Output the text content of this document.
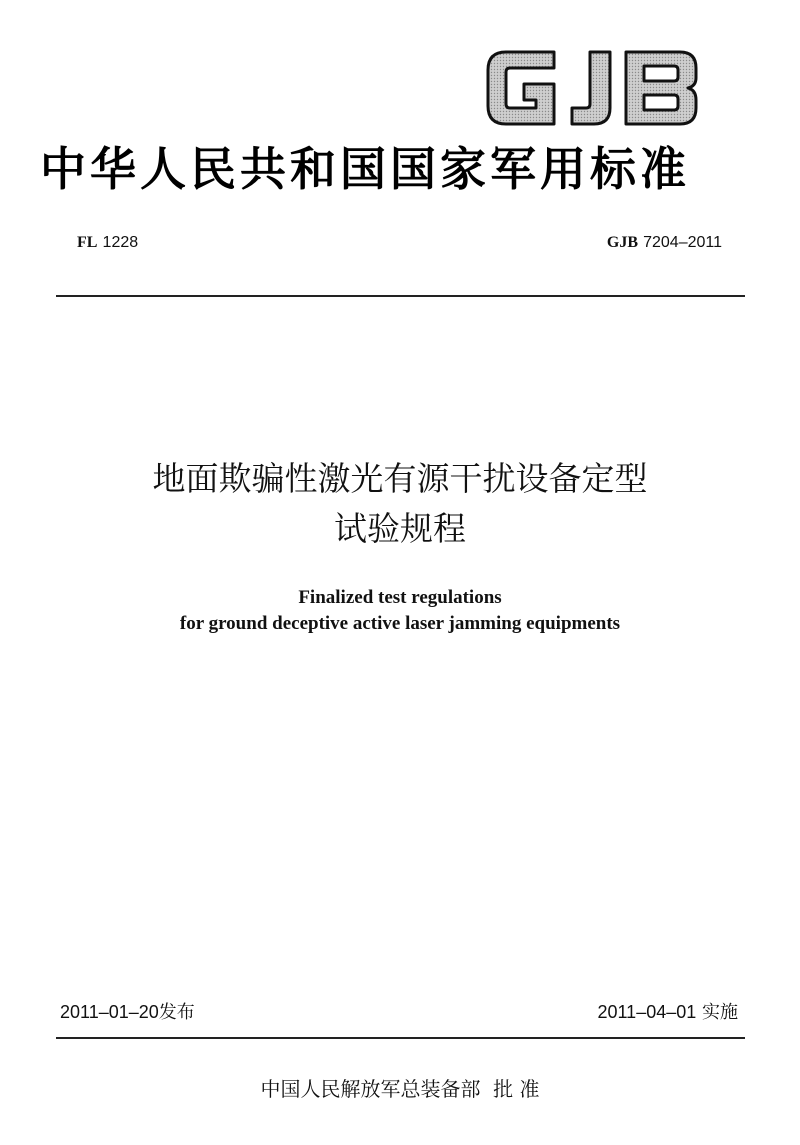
中华人民共和国国家军用标准
FL 1228	GJB 7204–2011
地面欺骗性激光有源干扰设备定型
试验规程
Finalized test regulations
for ground deceptive active laser jamming equipments
2011–01–20发布	2011–04–01 实施
中国人民解放军总装备部 批 准
